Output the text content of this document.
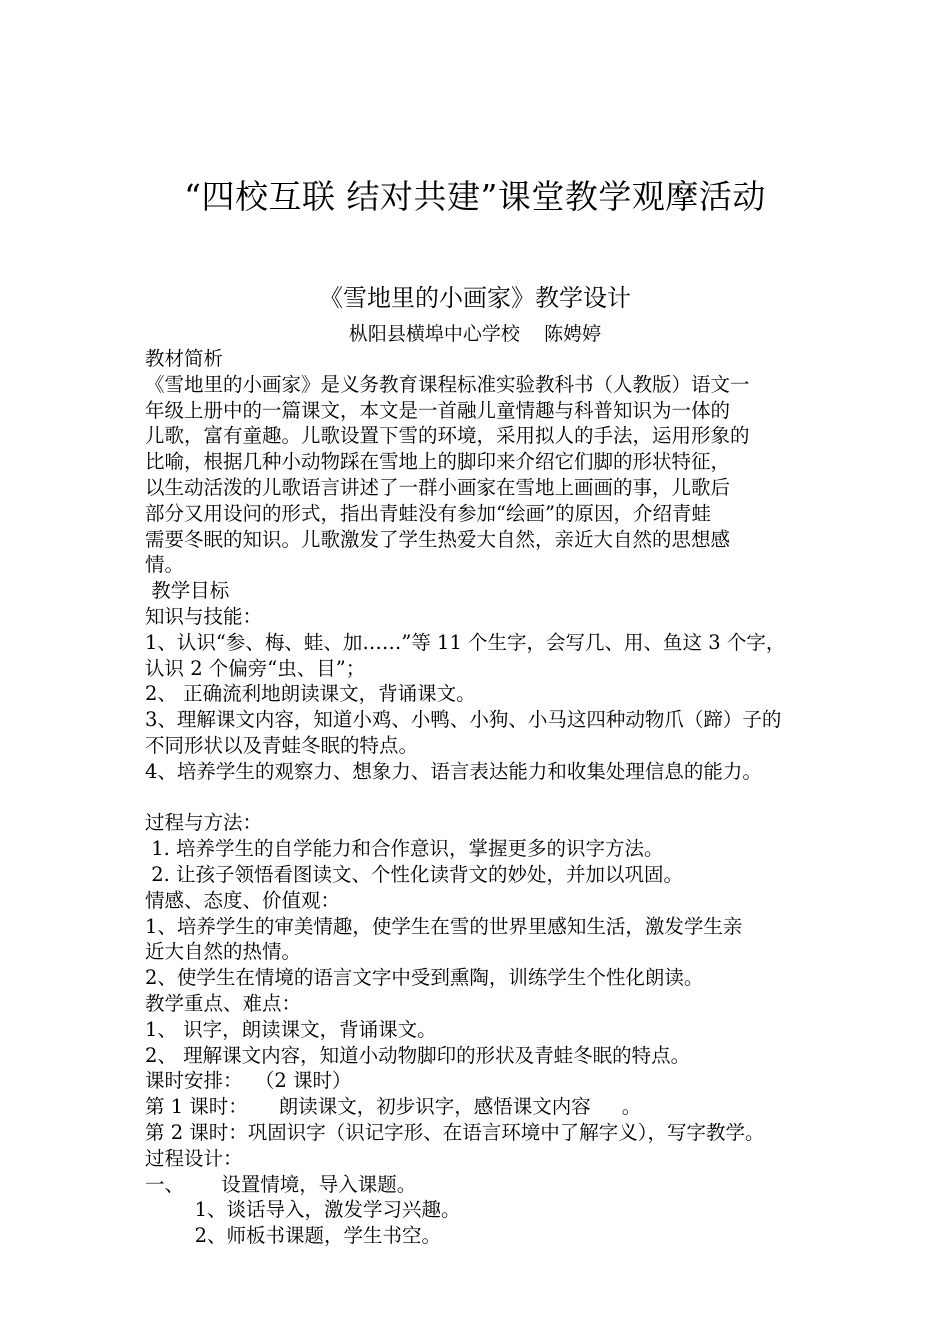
“四校互联 结对共建”课堂教学观摩活动
《雪地里的小画家》教学设计
枞阳县横埠中心学校    陈娉婷

教材简析

《雪地里的小画家》是义务教育课程标准实验教科书（人教版）语文一

年级上册中的一篇课文，本文是一首融儿童情趣与科普知识为一体的

儿歌，富有童趣。儿歌设置下雪的环境，采用拟人的手法，运用形象的

比喻，根据几种小动物踩在雪地上的脚印来介绍它们脚的形状特征，

以生动活泼的儿歌语言讲述了一群小画家在雪地上画画的事，儿歌后

部分又用设问的形式，指出青蛙没有参加“绘画”的原因，介绍青蛙

需要冬眠的知识。儿歌激发了学生热爱大自然，亲近大自然的思想感

情。

教学目标

知识与技能：

1、认识“参、梅、蛙、加……”等 11 个生字，会写几、用、鱼这 3 个字，

认识 2 个偏旁“虫、目”；

2、 正确流利地朗读课文，背诵课文。

3、理解课文内容，知道小鸡、小鸭、小狗、小马这四种动物爪（蹄）子的

不同形状以及青蛙冬眠的特点。

4、培养学生的观察力、想象力、语言表达能力和收集处理信息的能力。

过程与方法：

1. 培养学生的自学能力和合作意识，掌握更多的识字方法。

2. 让孩子领悟看图读文、个性化读背文的妙处，并加以巩固。

情感、态度、价值观：

1、培养学生的审美情趣，使学生在雪的世界里感知生活，激发学生亲

近大自然的热情。

2、使学生在情境的语言文字中受到熏陶，训练学生个性化朗读。

教学重点、难点：

1、 识字，朗读课文，背诵课文。

2、 理解课文内容，知道小动物脚印的形状及青蛙冬眠的特点。

课时安排：  （2 课时）

第 1 课时：     朗读课文，初步识字，感悟课文内容     。

第 2 课时：巩固识字（识记字形、在语言环境中了解字义），写字教学。

过程设计：

一、      设置情境，导入课题。

1、谈话导入，激发学习兴趣。

2、师板书课题，学生书空。
